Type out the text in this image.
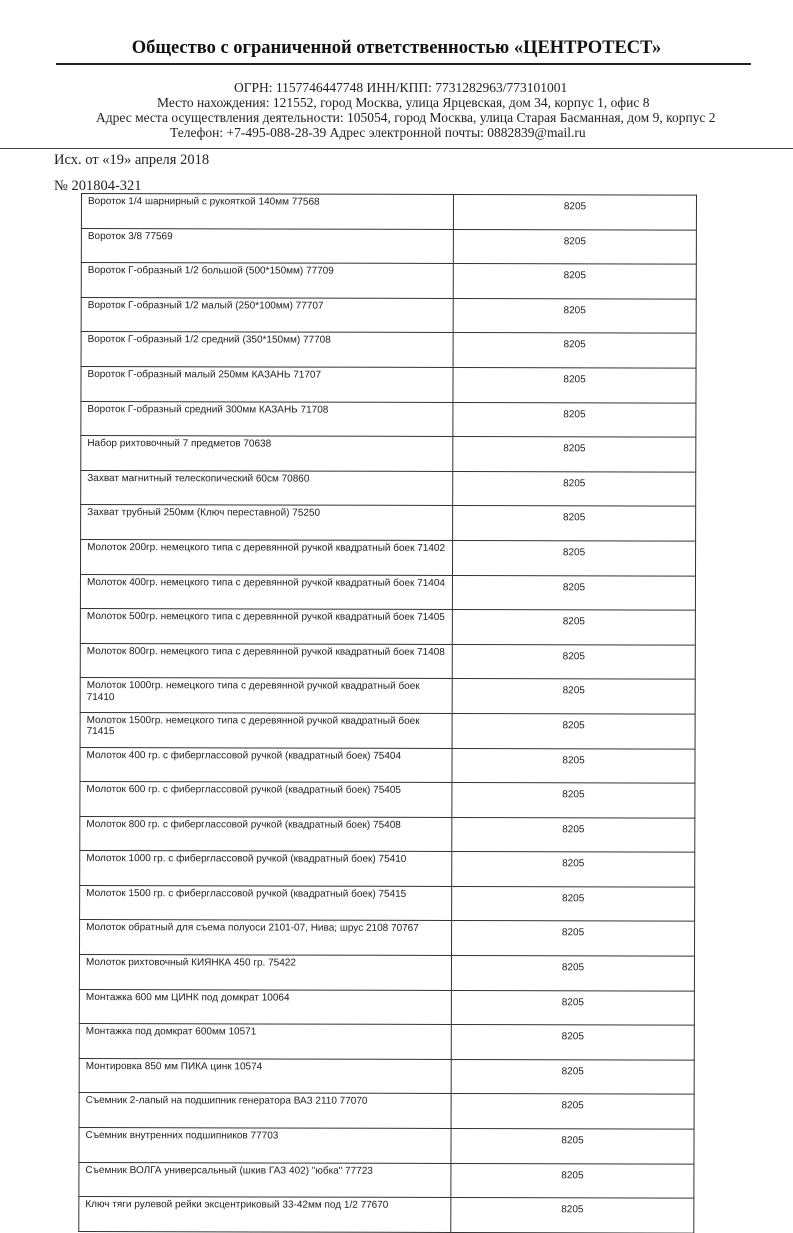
Общество с ограниченной ответственностью «ЦЕНТРОТЕСТ»
ОГРН: 1157746447748 ИНН/КПП: 7731282963/773101001
Место нахождения: 121552, город Москва, улица Ярцевская, дом 34, корпус 1, офис 8
Адрес места осуществления деятельности: 105054, город Москва, улица Старая Басманная, дом 9, корпус 2
Телефон: +7-495-088-28-39 Адрес электронной почты: 0882839@mail.ru
Исх. от «19» апреля 2018
№ 201804-321
Вороток 1/4 шарнирный с рукояткой 140мм 77568	8205
Вороток 3/8 77569	8205
Вороток Г-образный 1/2 большой (500*150мм) 77709	8205
Вороток Г-образный 1/2 малый (250*100мм) 77707	8205
Вороток Г-образный 1/2 средний (350*150мм) 77708	8205
Вороток Г-образный малый 250мм КАЗАНЬ 71707	8205
Вороток Г-образный средний 300мм КАЗАНЬ 71708	8205
Набор рихтовочный 7 предметов 70638	8205
Захват магнитный телескопический 60см 70860	8205
Захват трубный 250мм (Ключ переставной) 75250	8205
Молоток 200гр. немецкого типа с деревянной ручкой квадратный боек 71402	8205
Молоток 400гр. немецкого типа с деревянной ручкой квадратный боек 71404	8205
Молоток 500гр. немецкого типа с деревянной ручкой квадратный боек 71405	8205
Молоток 800гр. немецкого типа с деревянной ручкой квадратный боек 71408	8205
Молоток 1000гр. немецкого типа с деревянной ручкой квадратный боек 71410	8205
Молоток 1500гр. немецкого типа с деревянной ручкой квадратный боек 71415	8205
Молоток 400 гр. с фиберглассовой ручкой (квадратный боек) 75404	8205
Молоток 600 гр. с фиберглассовой ручкой (квадратный боек) 75405	8205
Молоток 800 гр. с фиберглассовой ручкой (квадратный боек) 75408	8205
Молоток 1000 гр. с фиберглассовой ручкой (квадратный боек) 75410	8205
Молоток 1500 гр. с фиберглассовой ручкой (квадратный боек) 75415	8205
Молоток обратный для съема полуоси 2101-07, Нива; шрус 2108 70767	8205
Молоток рихтовочный КИЯНКА 450 гр. 75422	8205
Монтажка 600 мм ЦИНК под домкрат 10064	8205
Монтажка под домкрат 600мм 10571	8205
Монтировка 850 мм ПИКА цинк 10574	8205
Съемник 2-лапый на подшипник генератора ВАЗ 2110 77070	8205
Съемник внутренних подшипников 77703	8205
Съемник ВОЛГА универсальный (шкив ГАЗ 402) "юбка" 77723	8205
Ключ тяги рулевой рейки эксцентриковый 33-42мм под 1/2 77670	8205
